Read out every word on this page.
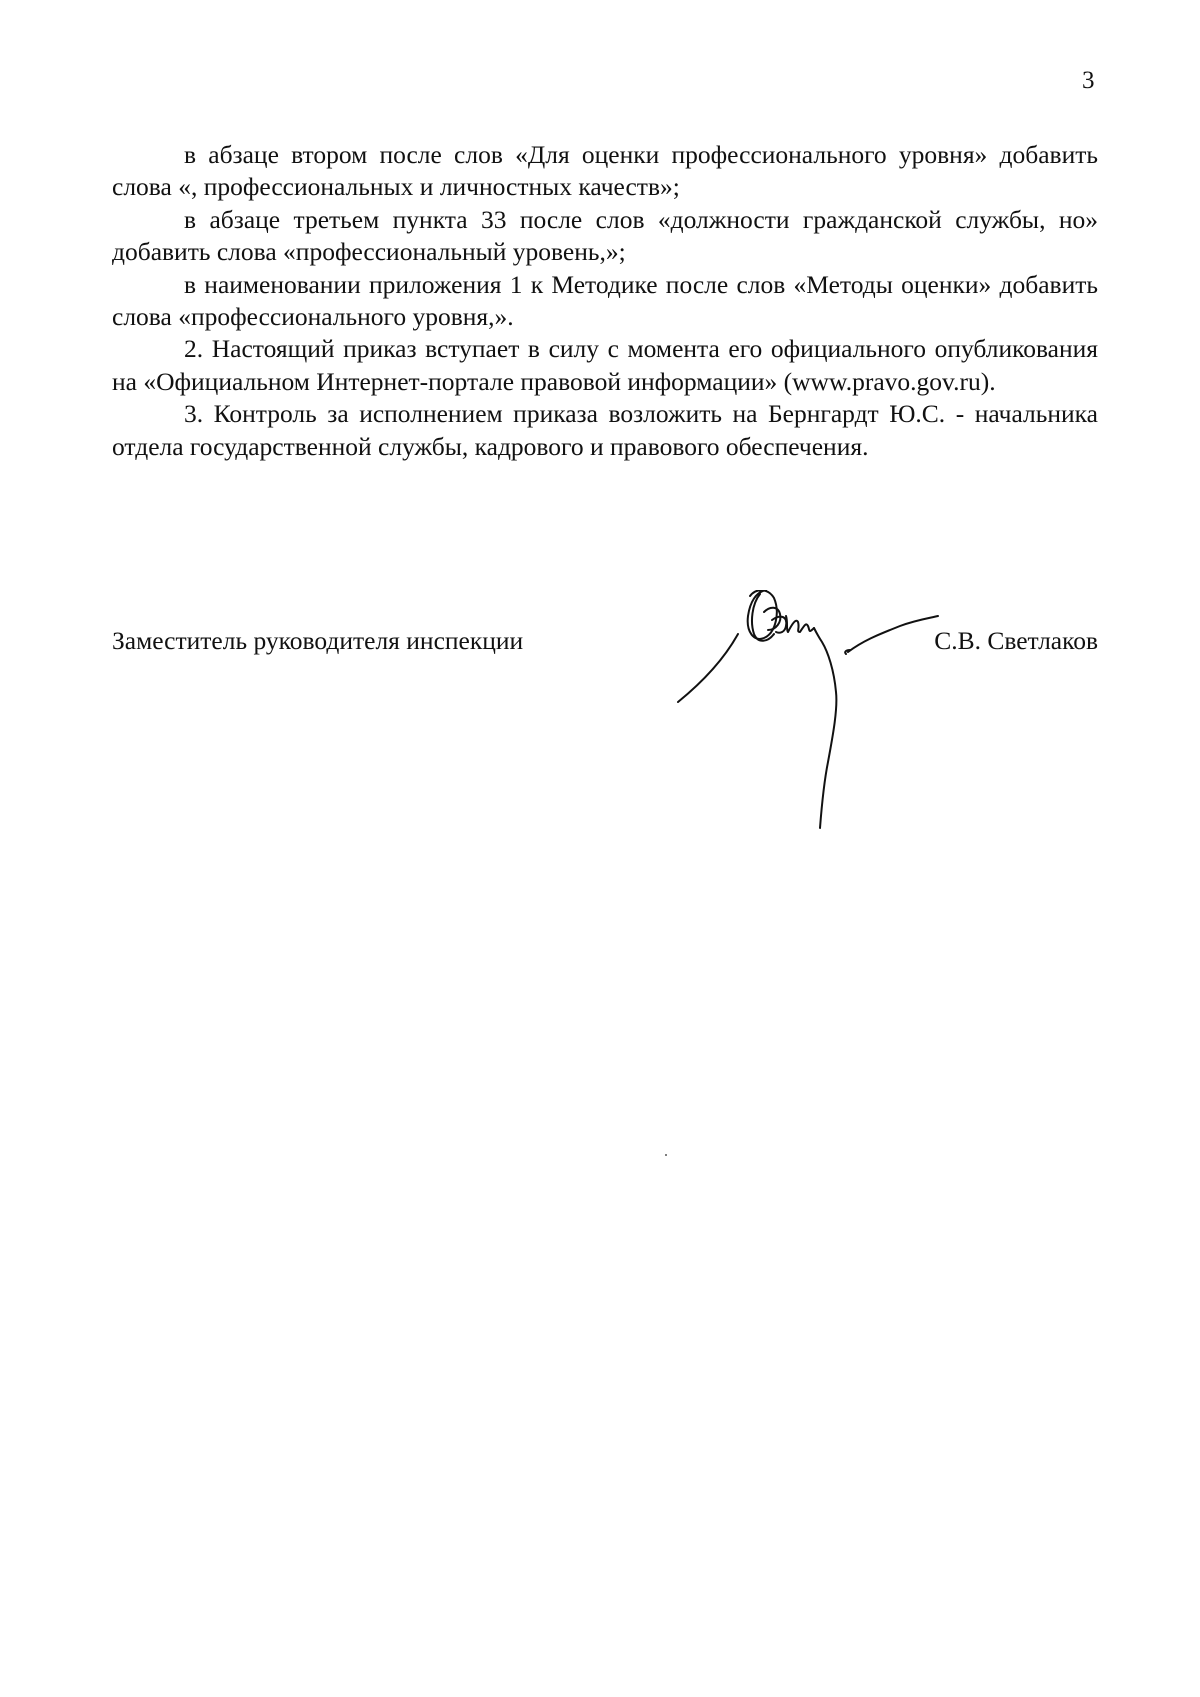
3

в абзаце втором после слов «Для оценки профессионального уровня» добавить слова «, профессиональных и личностных качеств»;

в абзаце третьем пункта 33 после слов «должности гражданской службы, но» добавить слова «профессиональный уровень,»;

в наименовании приложения 1 к Методике после слов «Методы оценки» добавить слова «профессионального уровня,».

2. Настоящий приказ вступает в силу с момента его официального опубликования на «Официальном Интернет-портале правовой информации» (www.pravo.gov.ru).

3. Контроль за исполнением приказа возложить на Бернгардт Ю.С. - начальника отдела государственной службы, кадрового и правового обеспечения.

Заместитель руководителя инспекции	С.В. Светлаков
